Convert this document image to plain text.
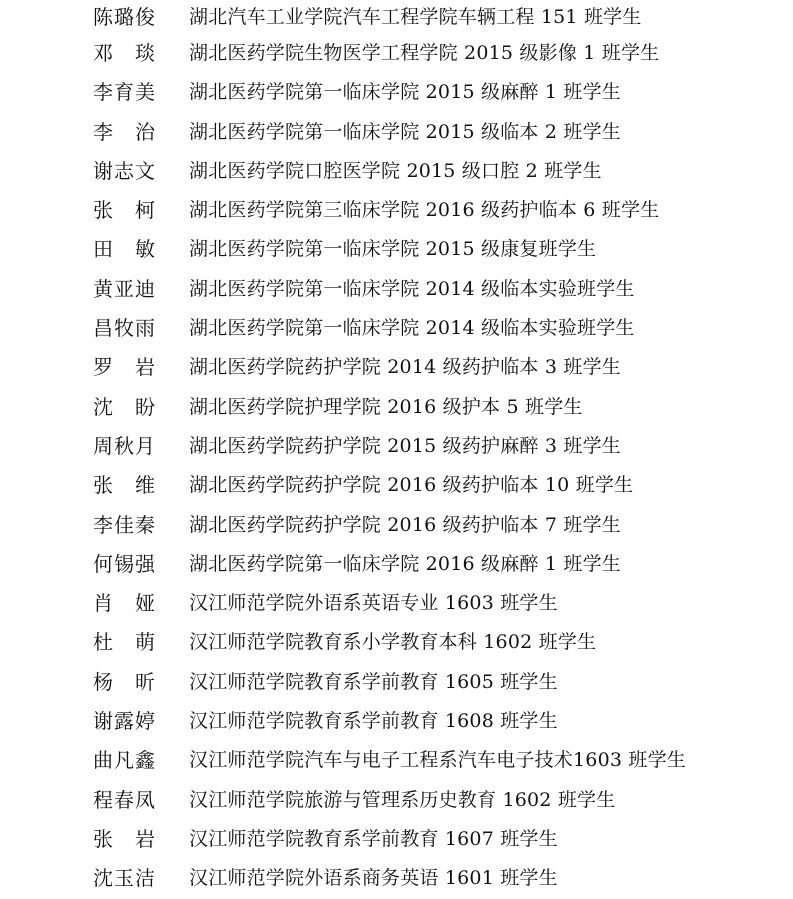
陈璐俊 湖北汽车工业学院汽车工程学院车辆工程 151 班学生
邓 琰 湖北医药学院生物医学工程学院 2015 级影像 1 班学生
李育美 湖北医药学院第一临床学院 2015 级麻醉 1 班学生
李 治 湖北医药学院第一临床学院 2015 级临本 2 班学生
谢志文 湖北医药学院口腔医学院 2015 级口腔 2 班学生
张 柯 湖北医药学院第三临床学院 2016 级药护临本 6 班学生
田 敏 湖北医药学院第一临床学院 2015 级康复班学生
黄亚迪 湖北医药学院第一临床学院 2014 级临本实验班学生
昌牧雨 湖北医药学院第一临床学院 2014 级临本实验班学生
罗 岩 湖北医药学院药护学院 2014 级药护临本 3 班学生
沈 盼 湖北医药学院护理学院 2016 级护本 5 班学生
周秋月 湖北医药学院药护学院 2015 级药护麻醉 3 班学生
张 维 湖北医药学院药护学院 2016 级药护临本 10 班学生
李佳秦 湖北医药学院药护学院 2016 级药护临本 7 班学生
何锡强 湖北医药学院第一临床学院 2016 级麻醉 1 班学生
肖 娅 汉江师范学院外语系英语专业 1603 班学生
杜 萌 汉江师范学院教育系小学教育本科 1602 班学生
杨 昕 汉江师范学院教育系学前教育 1605 班学生
谢露婷 汉江师范学院教育系学前教育 1608 班学生
曲凡鑫 汉江师范学院汽车与电子工程系汽车电子技术1603 班学生
程春凤 汉江师范学院旅游与管理系历史教育 1602 班学生
张 岩 汉江师范学院教育系学前教育 1607 班学生
沈玉洁 汉江师范学院外语系商务英语 1601 班学生
